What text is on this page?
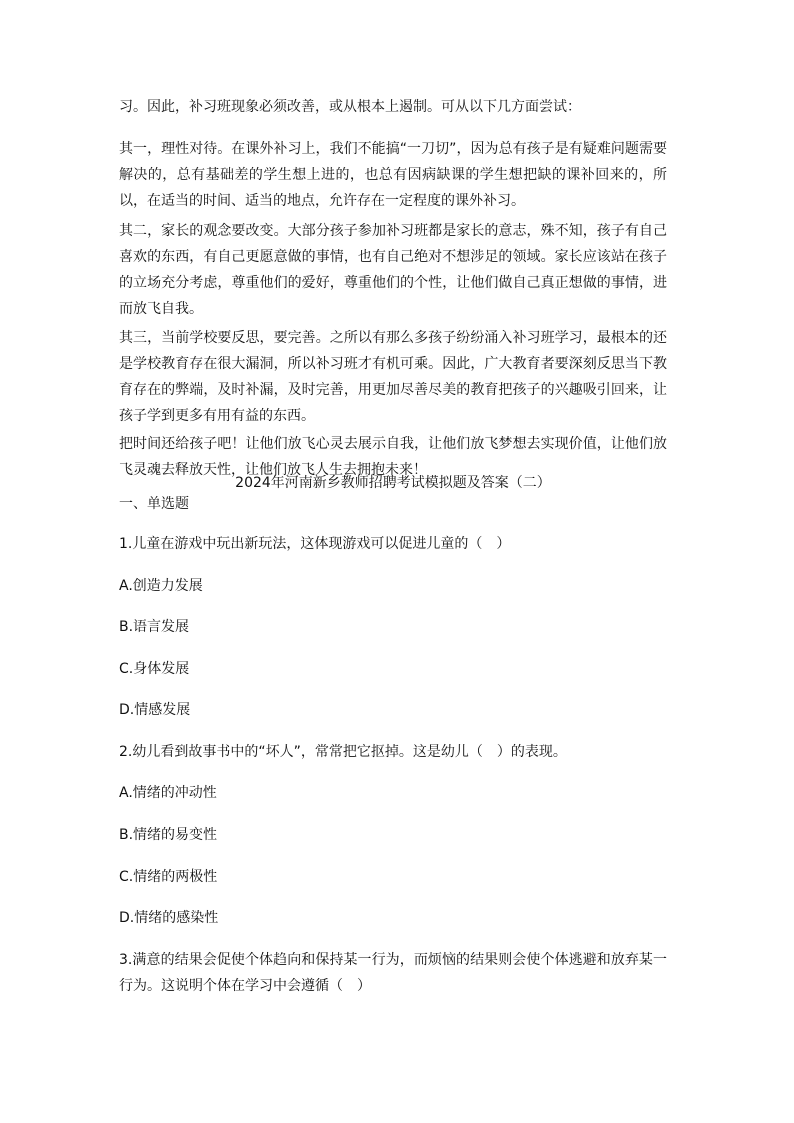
习。因此，补习班现象必须改善，或从根本上遏制。可从以下几方面尝试：

其一，理性对待。在课外补习上，我们不能搞“一刀切”，因为总有孩子是有疑难问题需要解决的，总有基础差的学生想上进的，也总有因病缺课的学生想把缺的课补回来的，所以，在适当的时间、适当的地点，允许存在一定程度的课外补习。

其二，家长的观念要改变。大部分孩子参加补习班都是家长的意志，殊不知，孩子有自己喜欢的东西，有自己更愿意做的事情，也有自己绝对不想涉足的领域。家长应该站在孩子的立场充分考虑，尊重他们的爱好，尊重他们的个性，让他们做自己真正想做的事情，进而放飞自我。

其三，当前学校要反思，要完善。之所以有那么多孩子纷纷涌入补习班学习，最根本的还是学校教育存在很大漏洞，所以补习班才有机可乘。因此，广大教育者要深刻反思当下教育存在的弊端，及时补漏，及时完善，用更加尽善尽美的教育把孩子的兴趣吸引回来，让孩子学到更多有用有益的东西。

把时间还给孩子吧！让他们放飞心灵去展示自我，让他们放飞梦想去实现价值，让他们放飞灵魂去释放天性，让他们放飞人生去拥抱未来！

2024年河南新乡教师招聘考试模拟题及答案（二）
一、单选题
1.儿童在游戏中玩出新玩法，这体现游戏可以促进儿童的（　）
A.创造力发展
B.语言发展
C.身体发展
D.情感发展
2.幼儿看到故事书中的“坏人”，常常把它抠掉。这是幼儿（　）的表现。
A.情绪的冲动性
B.情绪的易变性
C.情绪的两极性
D.情绪的感染性
3.满意的结果会促使个体趋向和保持某一行为，而烦恼的结果则会使个体逃避和放弃某一行为。这说明个体在学习中会遵循（　）
